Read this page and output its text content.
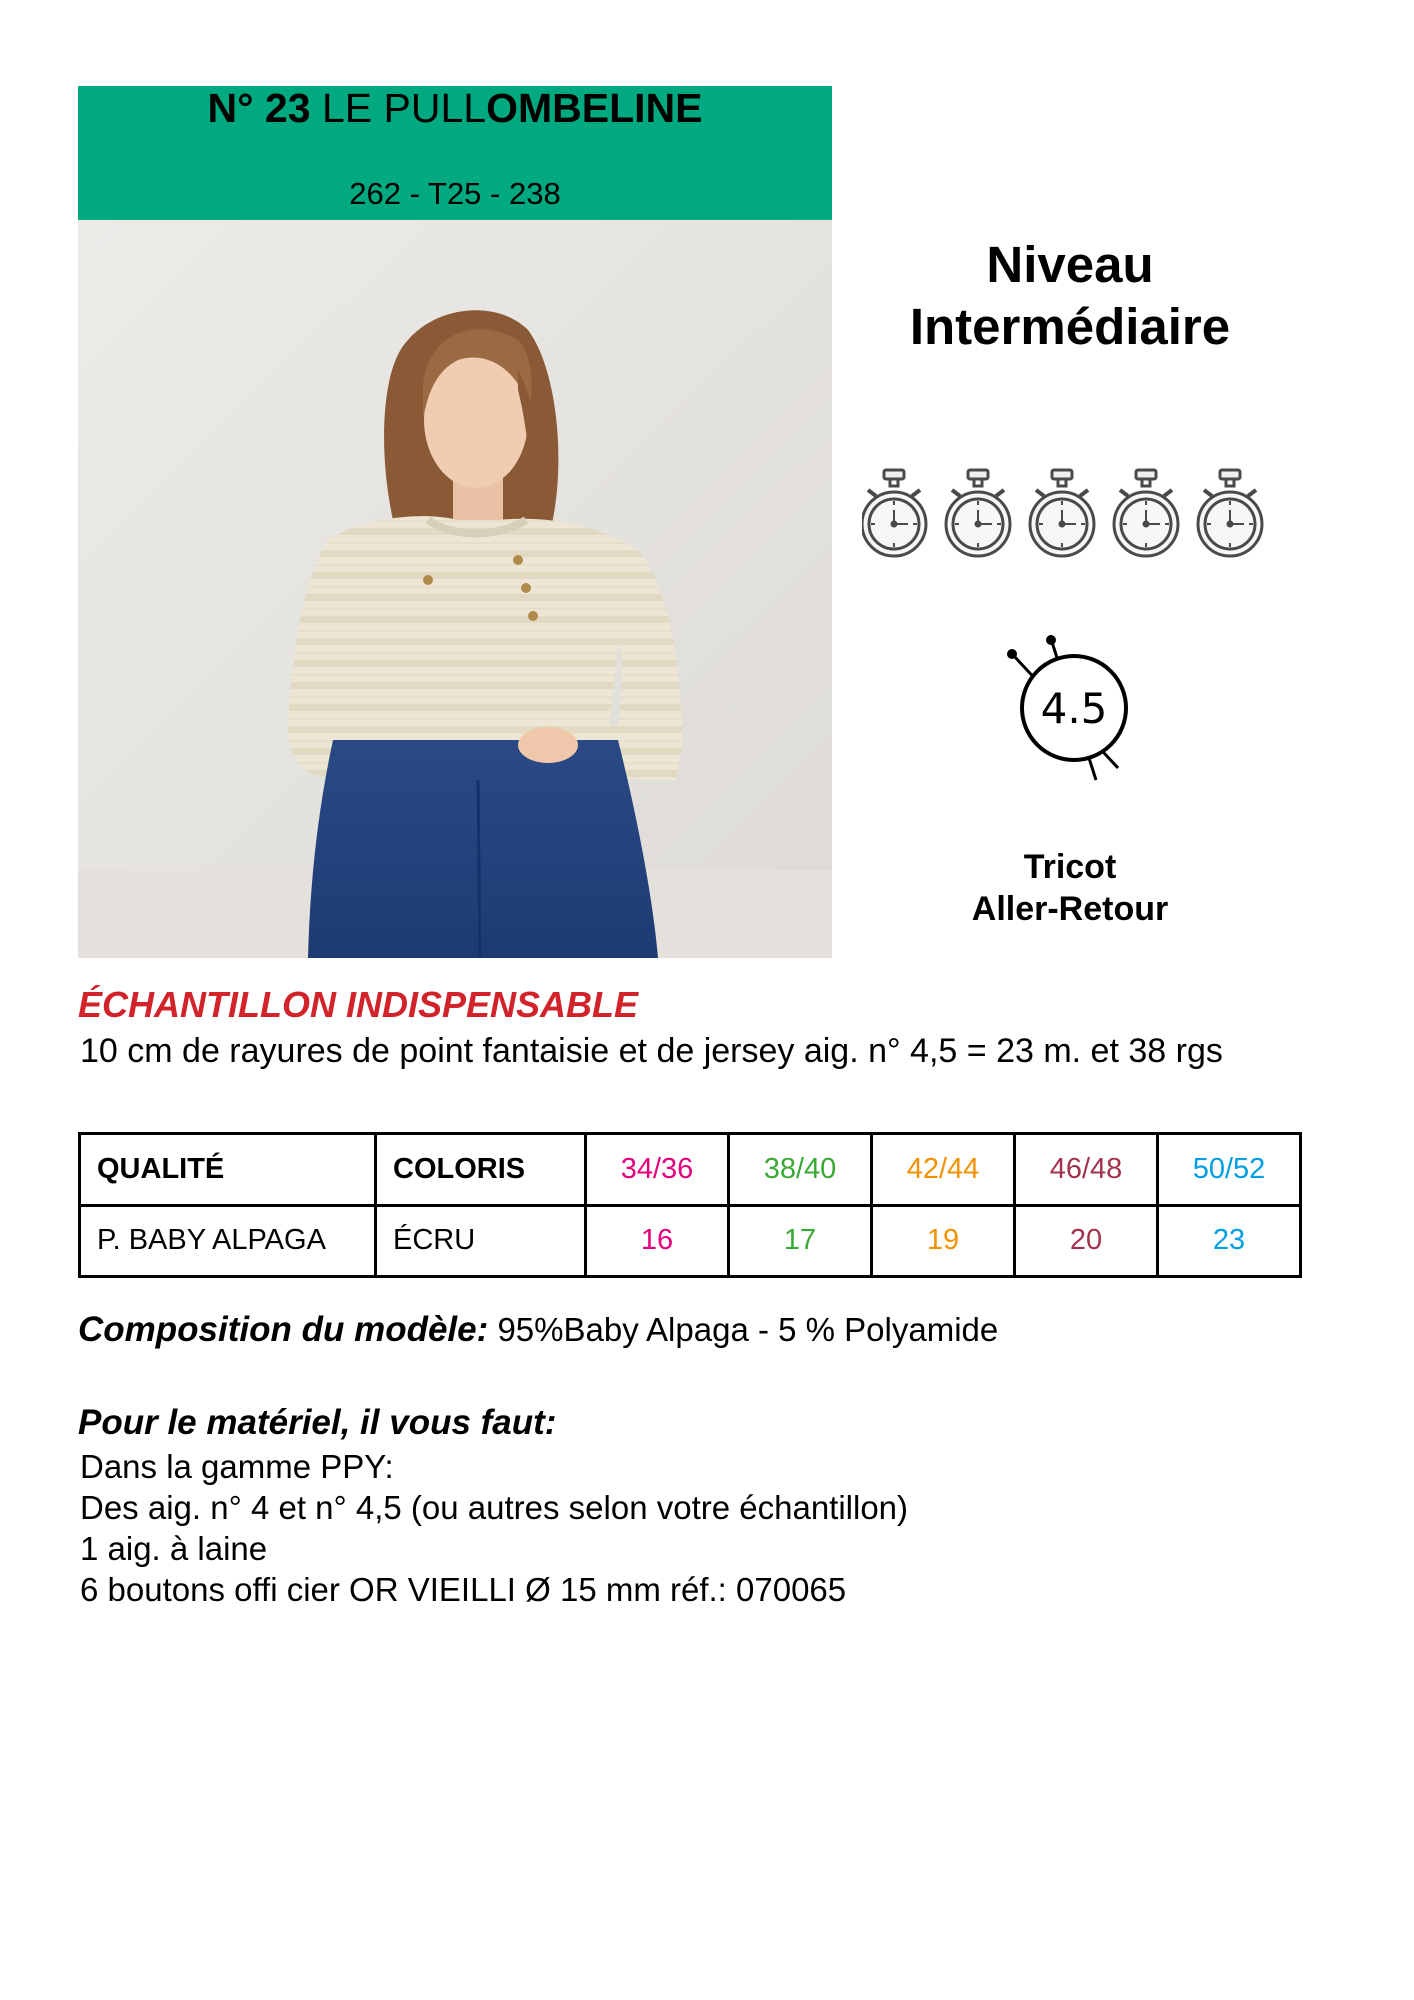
N° 23 LE PULLOMBELINE
262 - T25 - 238
Niveau
Intermédiaire
4.5
Tricot
Aller-Retour
ÉCHANTILLON INDISPENSABLE
10 cm de rayures de point fantaisie et de jersey aig. n° 4,5 = 23 m. et 38 rgs
QUALITÉ	COLORIS	34/36	38/40	42/44	46/48	50/52
P. BABY ALPAGA	ÉCRU	16	17	19	20	23
Composition du modèle: 95%Baby Alpaga - 5 % Polyamide
Pour le matériel, il vous faut:
Dans la gamme PPY:
Des aig. n° 4 et n° 4,5 (ou autres selon votre échantillon)
1 aig. à laine
6 boutons offi cier OR VIEILLI Ø 15 mm réf.: 070065
